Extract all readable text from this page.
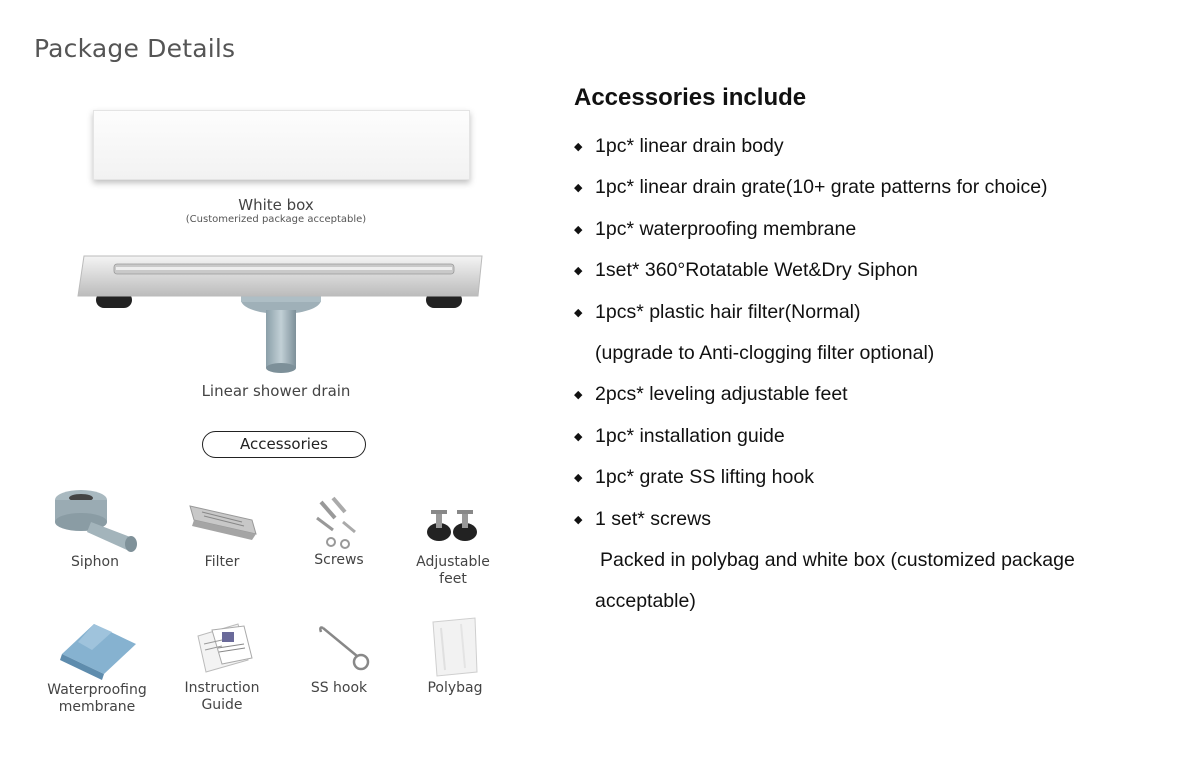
Package Details
White box
(Customerized package acceptable)
Linear shower drain
Accessories
Siphon	Filter	Screws	Adjustable
feet
Waterproofing
membrane
Instruction
Guide
SS hook	Polybag
Accessories include
◆ 1pc* linear drain body
◆ 1pc* linear drain grate(10+ grate patterns for choice)
◆ 1pc* waterproofing membrane
◆ 1set* 360°Rotatable Wet&Dry Siphon
◆ 1pcs* plastic hair filter(Normal)
(upgrade to Anti-clogging filter optional)
◆ 2pcs* leveling adjustable feet
◆ 1pc* installation guide
◆ 1pc* grate SS lifting hook
◆ 1 set* screws
Packed in polybag and white box (customized package
acceptable)
